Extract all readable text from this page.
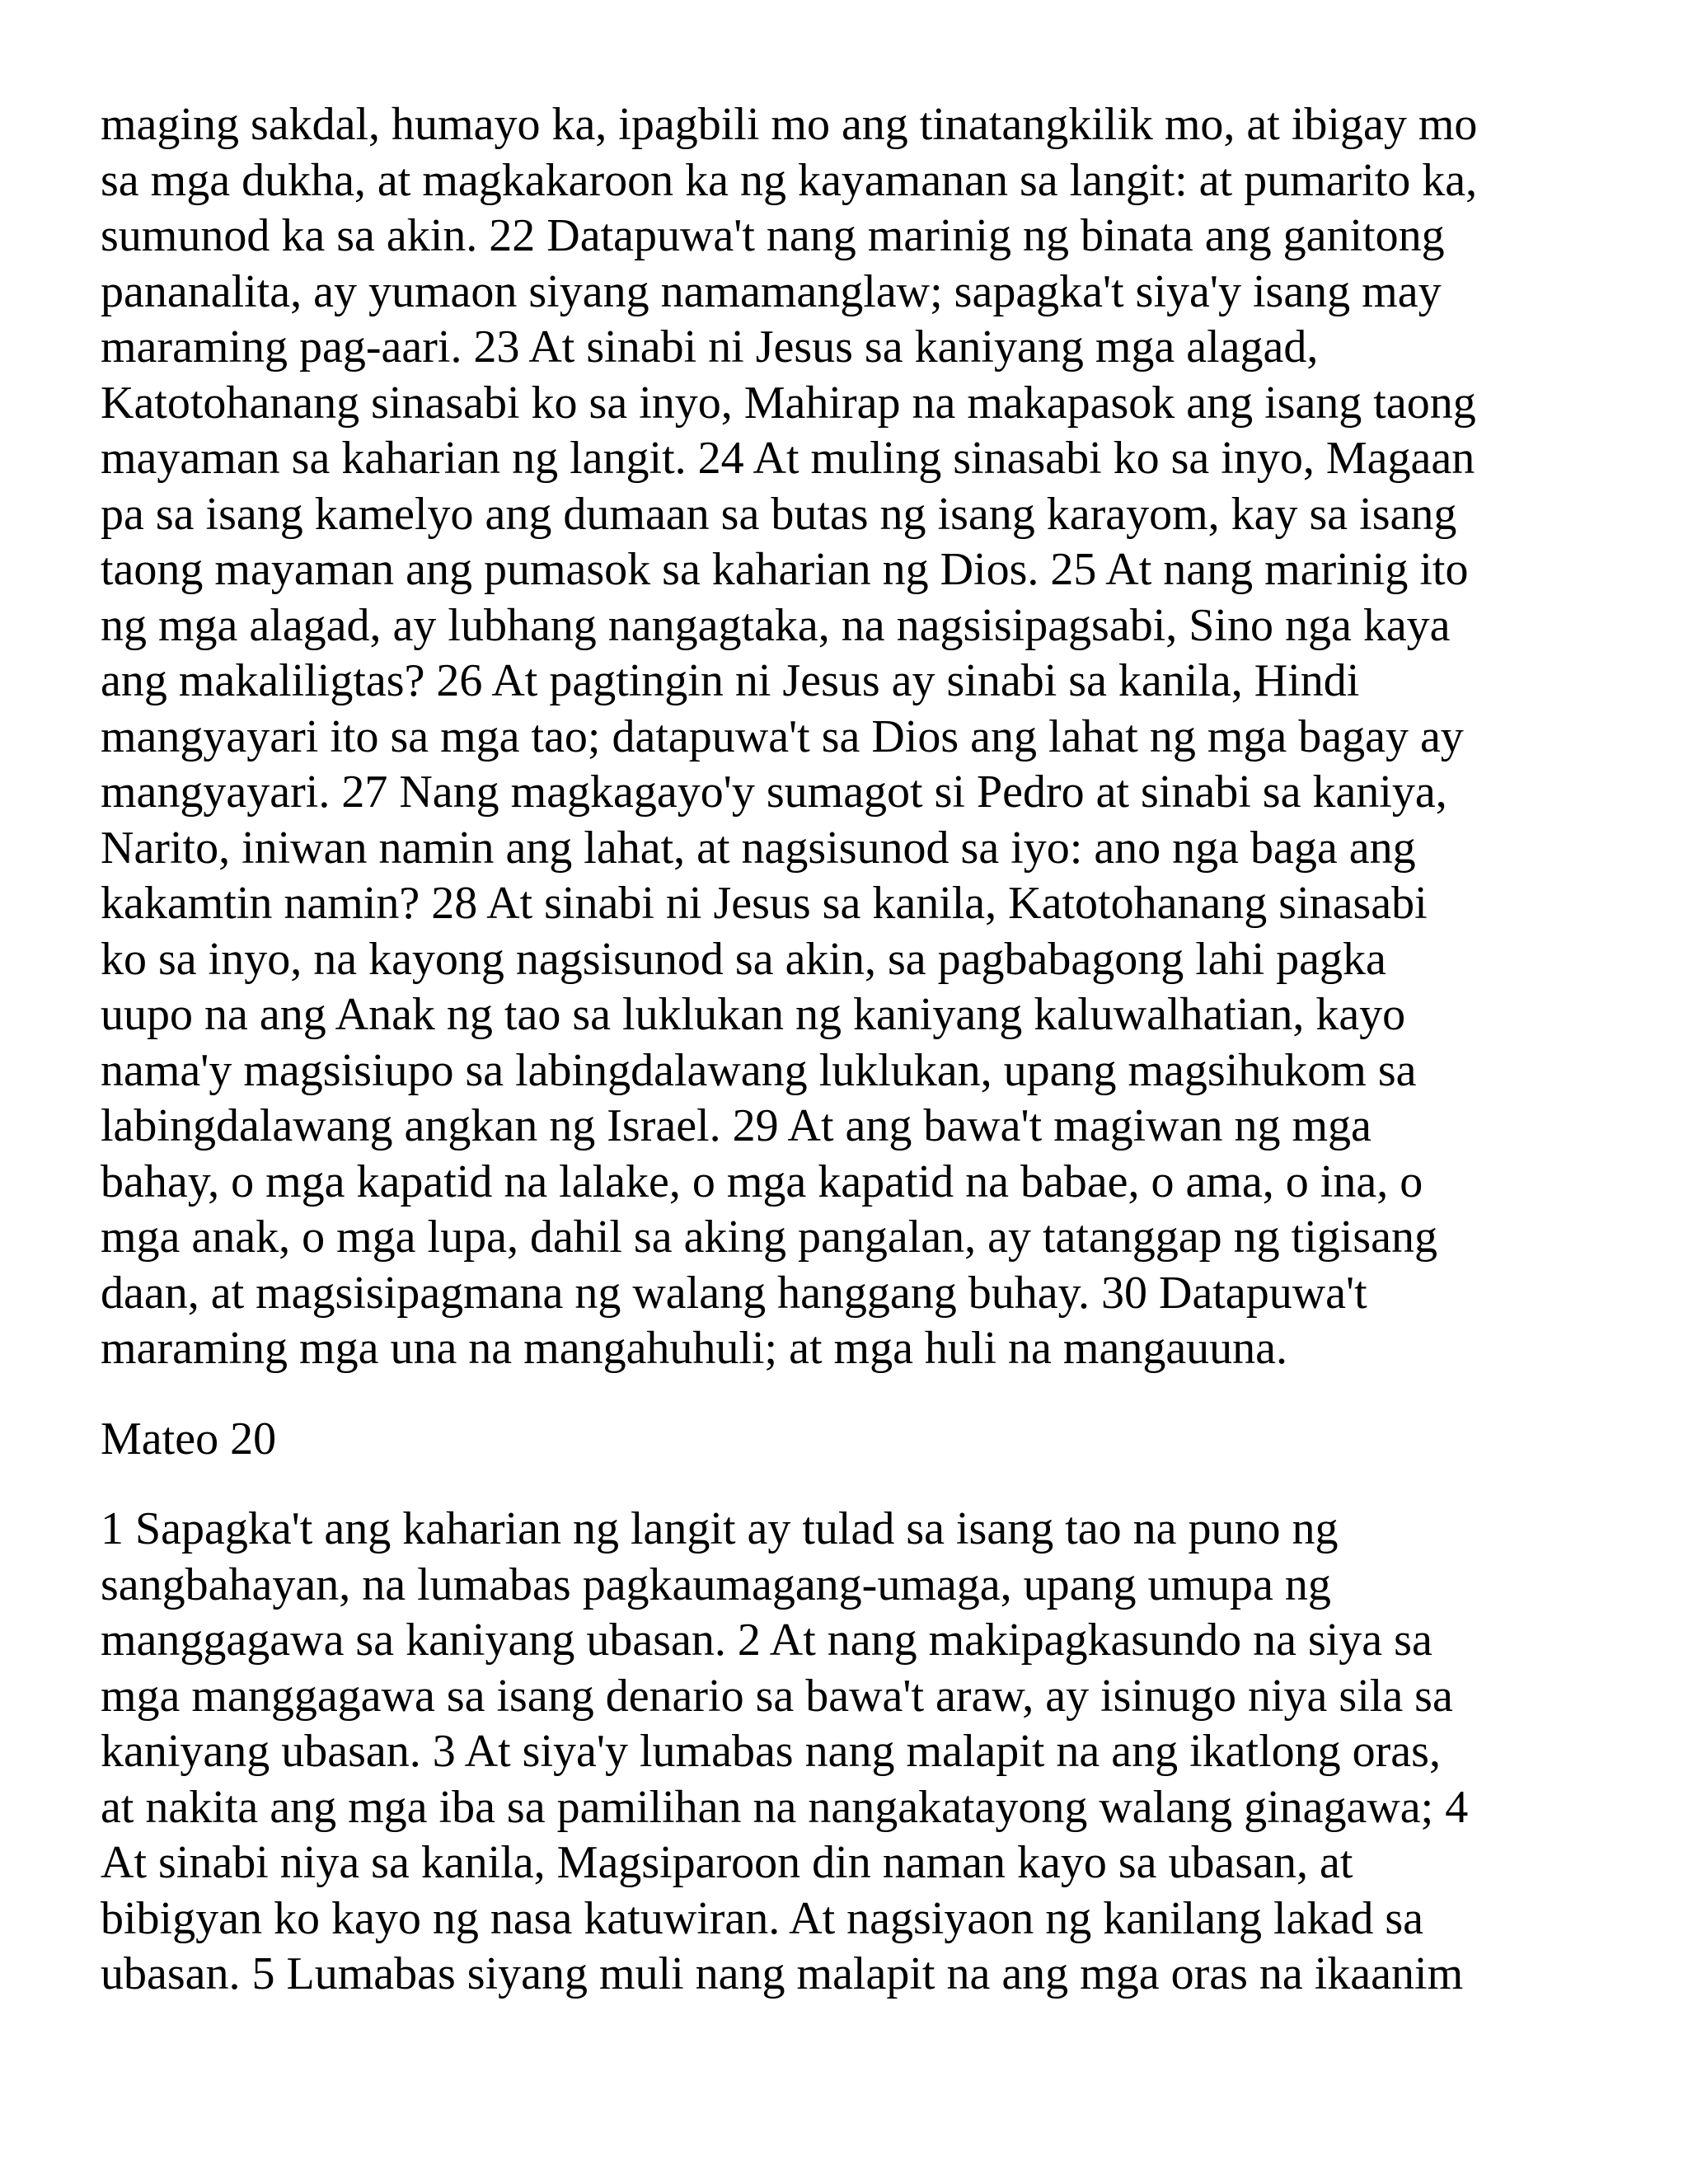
maging sakdal, humayo ka, ipagbili mo ang tinatangkilik mo, at ibigay mo
sa mga dukha, at magkakaroon ka ng kayamanan sa langit: at pumarito ka,
sumunod ka sa akin. 22 Datapuwa't nang marinig ng binata ang ganitong
pananalita, ay yumaon siyang namamanglaw; sapagka't siya'y isang may
maraming pag-aari. 23 At sinabi ni Jesus sa kaniyang mga alagad,
Katotohanang sinasabi ko sa inyo, Mahirap na makapasok ang isang taong
mayaman sa kaharian ng langit. 24 At muling sinasabi ko sa inyo, Magaan
pa sa isang kamelyo ang dumaan sa butas ng isang karayom, kay sa isang
taong mayaman ang pumasok sa kaharian ng Dios. 25 At nang marinig ito
ng mga alagad, ay lubhang nangagtaka, na nagsisipagsabi, Sino nga kaya
ang makaliligtas? 26 At pagtingin ni Jesus ay sinabi sa kanila, Hindi
mangyayari ito sa mga tao; datapuwa't sa Dios ang lahat ng mga bagay ay
mangyayari. 27 Nang magkagayo'y sumagot si Pedro at sinabi sa kaniya,
Narito, iniwan namin ang lahat, at nagsisunod sa iyo: ano nga baga ang
kakamtin namin? 28 At sinabi ni Jesus sa kanila, Katotohanang sinasabi
ko sa inyo, na kayong nagsisunod sa akin, sa pagbabagong lahi pagka
uupo na ang Anak ng tao sa luklukan ng kaniyang kaluwalhatian, kayo
nama'y magsisiupo sa labingdalawang luklukan, upang magsihukom sa
labingdalawang angkan ng Israel. 29 At ang bawa't magiwan ng mga
bahay, o mga kapatid na lalake, o mga kapatid na babae, o ama, o ina, o
mga anak, o mga lupa, dahil sa aking pangalan, ay tatanggap ng tigisang
daan, at magsisipagmana ng walang hanggang buhay. 30 Datapuwa't
maraming mga una na mangahuhuli; at mga huli na mangauuna.
Mateo 20
1 Sapagka't ang kaharian ng langit ay tulad sa isang tao na puno ng
sangbahayan, na lumabas pagkaumagang-umaga, upang umupa ng
manggagawa sa kaniyang ubasan. 2 At nang makipagkasundo na siya sa
mga manggagawa sa isang denario sa bawa't araw, ay isinugo niya sila sa
kaniyang ubasan. 3 At siya'y lumabas nang malapit na ang ikatlong oras,
at nakita ang mga iba sa pamilihan na nangakatayong walang ginagawa; 4
At sinabi niya sa kanila, Magsiparoon din naman kayo sa ubasan, at
bibigyan ko kayo ng nasa katuwiran. At nagsiyaon ng kanilang lakad sa
ubasan. 5 Lumabas siyang muli nang malapit na ang mga oras na ikaanim
